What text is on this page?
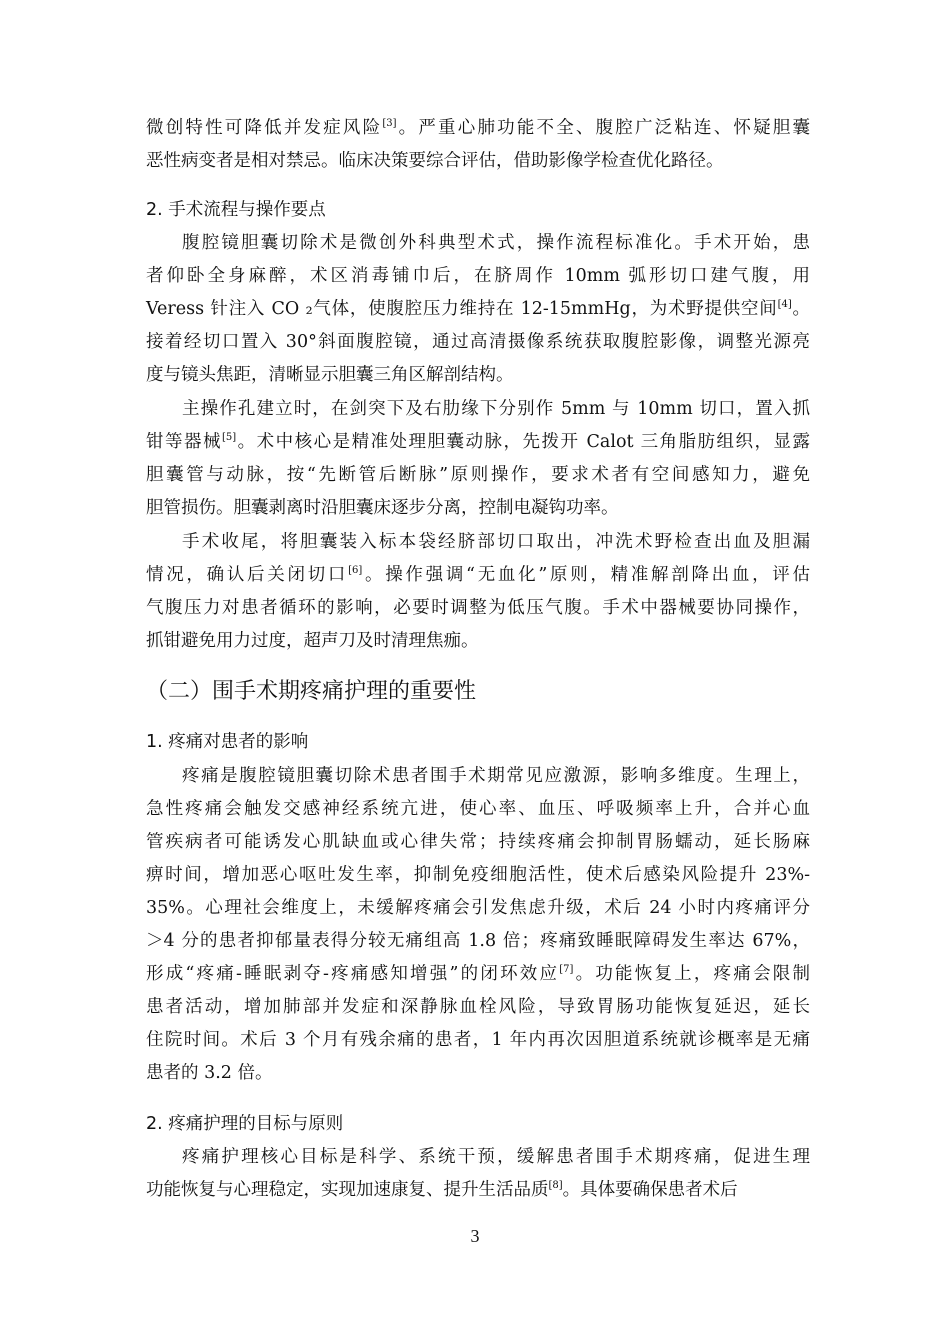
微创特性可降低并发症风险[3]。严重心肺功能不全、腹腔广泛粘连、怀疑胆囊
恶性病变者是相对禁忌。临床决策要综合评估，借助影像学检查优化路径。
2. 手术流程与操作要点
腹腔镜胆囊切除术是微创外科典型术式，操作流程标准化。手术开始，患
者仰卧全身麻醉，术区消毒铺巾后，在脐周作 10mm 弧形切口建气腹，用
Veress 针注入 CO ₂气体，使腹腔压力维持在 12-15mmHg，为术野提供空间[4]。
接着经切口置入 30°斜面腹腔镜，通过高清摄像系统获取腹腔影像，调整光源亮
度与镜头焦距，清晰显示胆囊三角区解剖结构。
主操作孔建立时，在剑突下及右肋缘下分别作 5mm 与 10mm 切口，置入抓
钳等器械[5]。术中核心是精准处理胆囊动脉，先拨开 Calot 三角脂肪组织，显露
胆囊管与动脉，按“先断管后断脉”原则操作，要求术者有空间感知力，避免
胆管损伤。胆囊剥离时沿胆囊床逐步分离，控制电凝钩功率。
手术收尾，将胆囊装入标本袋经脐部切口取出，冲洗术野检查出血及胆漏
情况，确认后关闭切口[6]。操作强调“无血化”原则，精准解剖降出血，评估
气腹压力对患者循环的影响，必要时调整为低压气腹。手术中器械要协同操作，
抓钳避免用力过度，超声刀及时清理焦痂。
（二）围手术期疼痛护理的重要性
1. 疼痛对患者的影响
疼痛是腹腔镜胆囊切除术患者围手术期常见应激源，影响多维度。生理上，
急性疼痛会触发交感神经系统亢进，使心率、血压、呼吸频率上升，合并心血
管疾病者可能诱发心肌缺血或心律失常；持续疼痛会抑制胃肠蠕动，延长肠麻
痹时间，增加恶心呕吐发生率，抑制免疫细胞活性，使术后感染风险提升 23%-
35%。心理社会维度上，未缓解疼痛会引发焦虑升级，术后 24 小时内疼痛评分
＞4 分的患者抑郁量表得分较无痛组高 1.8 倍；疼痛致睡眠障碍发生率达 67%，
形成“疼痛-睡眠剥夺-疼痛感知增强”的闭环效应[7]。功能恢复上，疼痛会限制
患者活动，增加肺部并发症和深静脉血栓风险，导致胃肠功能恢复延迟，延长
住院时间。术后 3 个月有残余痛的患者，1 年内再次因胆道系统就诊概率是无痛
患者的 3.2 倍。
2. 疼痛护理的目标与原则
疼痛护理核心目标是科学、系统干预，缓解患者围手术期疼痛，促进生理
功能恢复与心理稳定，实现加速康复、提升生活品质[8]。具体要确保患者术后
3
